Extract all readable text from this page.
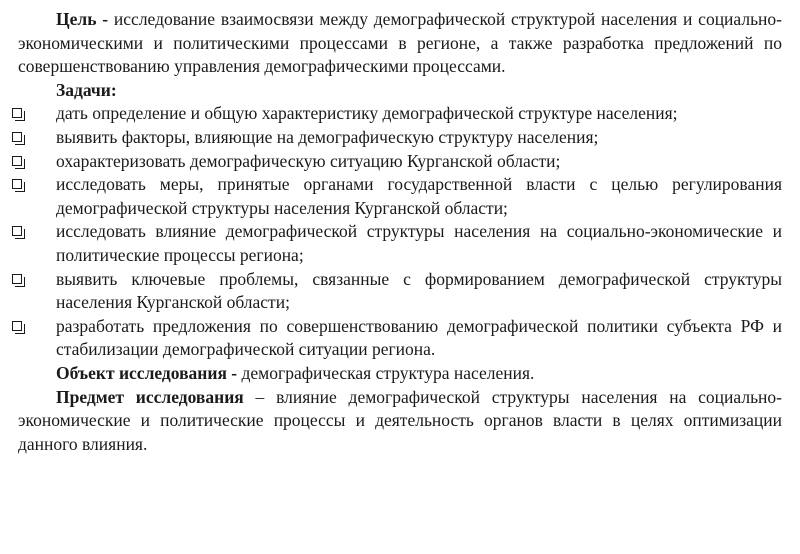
Цель - исследование взаимосвязи между демографической структурой населения и социально-экономическими и политическими процессами в регионе, а также разработка предложений по совершенствованию управления демографическими процессами.

Задачи:

дать определение и общую характеристику демографической структуре населения;
выявить факторы, влияющие на демографическую структуру населения;
охарактеризовать демографическую ситуацию Курганской области;
исследовать меры, принятые органами государственной власти с целью регулирования демографической структуры населения Курганской области;
исследовать влияние демографической структуры населения на социально-экономические и политические процессы региона;
выявить ключевые проблемы, связанные с формированием демографической структуры населения Курганской области;
разработать предложения по совершенствованию демографической политики субъекта РФ и стабилизации демографической ситуации региона.

Объект исследования - демографическая структура населения.

Предмет исследования – влияние демографической структуры населения на социально-экономические и политические процессы и деятельность органов власти в целях оптимизации данного влияния.
